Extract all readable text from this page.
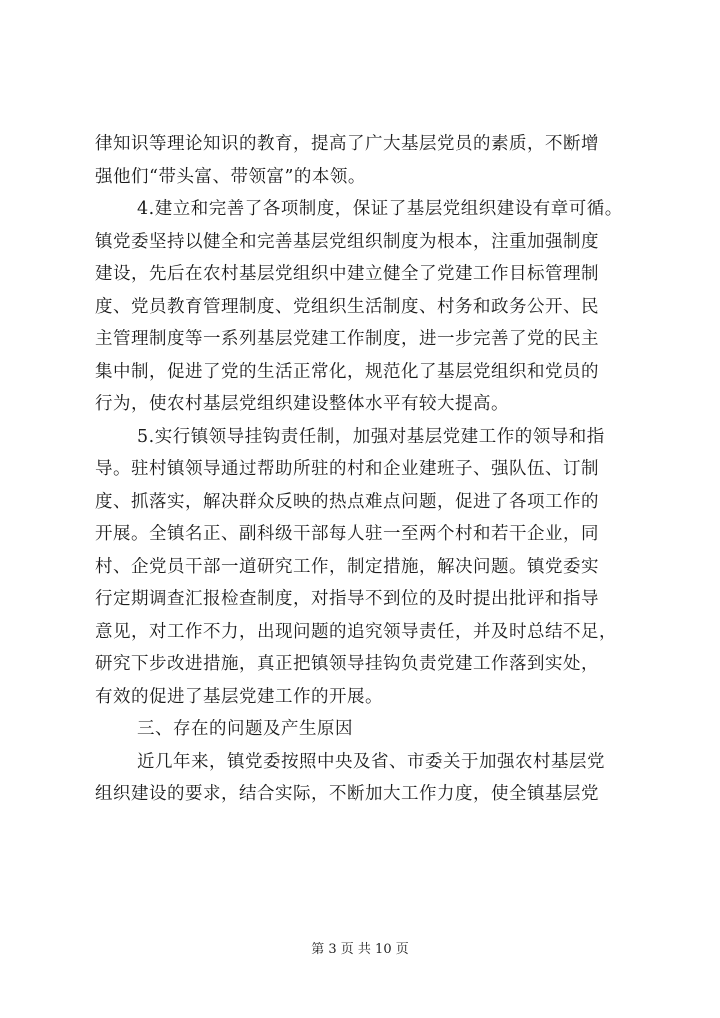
律知识等理论知识的教育，提高了广大基层党员的素质，不断增
强他们“带头富、带领富”的本领。
4.建立和完善了各项制度，保证了基层党组织建设有章可循。
镇党委坚持以健全和完善基层党组织制度为根本，注重加强制度
建设，先后在农村基层党组织中建立健全了党建工作目标管理制
度、党员教育管理制度、党组织生活制度、村务和政务公开、民
主管理制度等一系列基层党建工作制度，进一步完善了党的民主
集中制，促进了党的生活正常化，规范化了基层党组织和党员的
行为，使农村基层党组织建设整体水平有较大提高。
5.实行镇领导挂钩责任制，加强对基层党建工作的领导和指
导。驻村镇领导通过帮助所驻的村和企业建班子、强队伍、订制
度、抓落实，解决群众反映的热点难点问题，促进了各项工作的
开展。全镇名正、副科级干部每人驻一至两个村和若干企业，同
村、企党员干部一道研究工作，制定措施，解决问题。镇党委实
行定期调查汇报检查制度，对指导不到位的及时提出批评和指导
意见，对工作不力，出现问题的追究领导责任，并及时总结不足，
研究下步改进措施，真正把镇领导挂钩负责党建工作落到实处，
有效的促进了基层党建工作的开展。
三、存在的问题及产生原因
近几年来，镇党委按照中央及省、市委关于加强农村基层党
组织建设的要求，结合实际，不断加大工作力度，使全镇基层党
第 3 页 共 10 页
